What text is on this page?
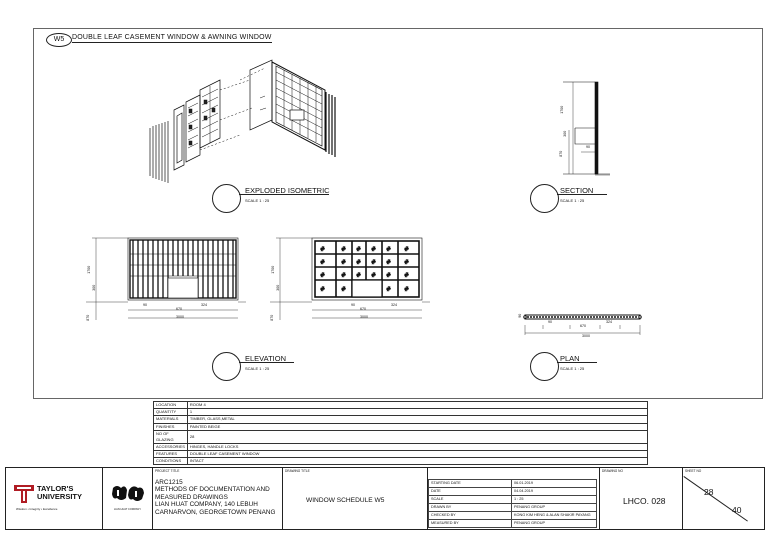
W5	DOUBLE LEAF CASEMENT WINDOW & AWNING WINDOW
EXPLODED ISOMETRIC
SCALE 1 : 25
1700
300
870
90
SECTION
SCALE 1 : 25
1700
300
870
90
670
324
3000
#	# # # # #
#	# # # # #
#	# # # # #
#	#	# #
1700
300
870
90
670
324
3000
ELEVATION
SCALE 1 : 25
90
90
670
324
3000
PLAN
SCALE 1 : 25
LOCATION	ROOM 4
QUANTITY	1
MATERIALS	TIMBER, GLASS,METAL
FINISHES	PAINTED BEIGE
NO OF GLAZING	28
ACCESSORIES	HINGES, HANDLE LOCKS
FEATURES	DOUBLE LEAF CASEMENT WINDOW
CONDITIONS	INTACT
TAYLOR'S
UNIVERSITY
Wisdom • Integrity • Excellence	LIAN HUAT COMPANY
PROJECT TITLE
ARC1215
METHODS OF DOCUMENTATION AND MEASURED DRAWINGS
LIAN HUAT COMPANY, 140 LEBUH CARNARVON, GEORGETOWN PENANG
DRAWING TITLE
WINDOW SCHEDULE W5
STARTING DATE	06.01.2019
DATE	04.04.2019
SCALE	1 : 25
DRAWN BY	PENANG GROUP
CHECKED BY	KONG KIM HENG & ALAN SHAKIR PAYANG
MEASURED BY	PENANG GROUP
DRAWING NO
LHCO. 028
SHEET NO
28
40
